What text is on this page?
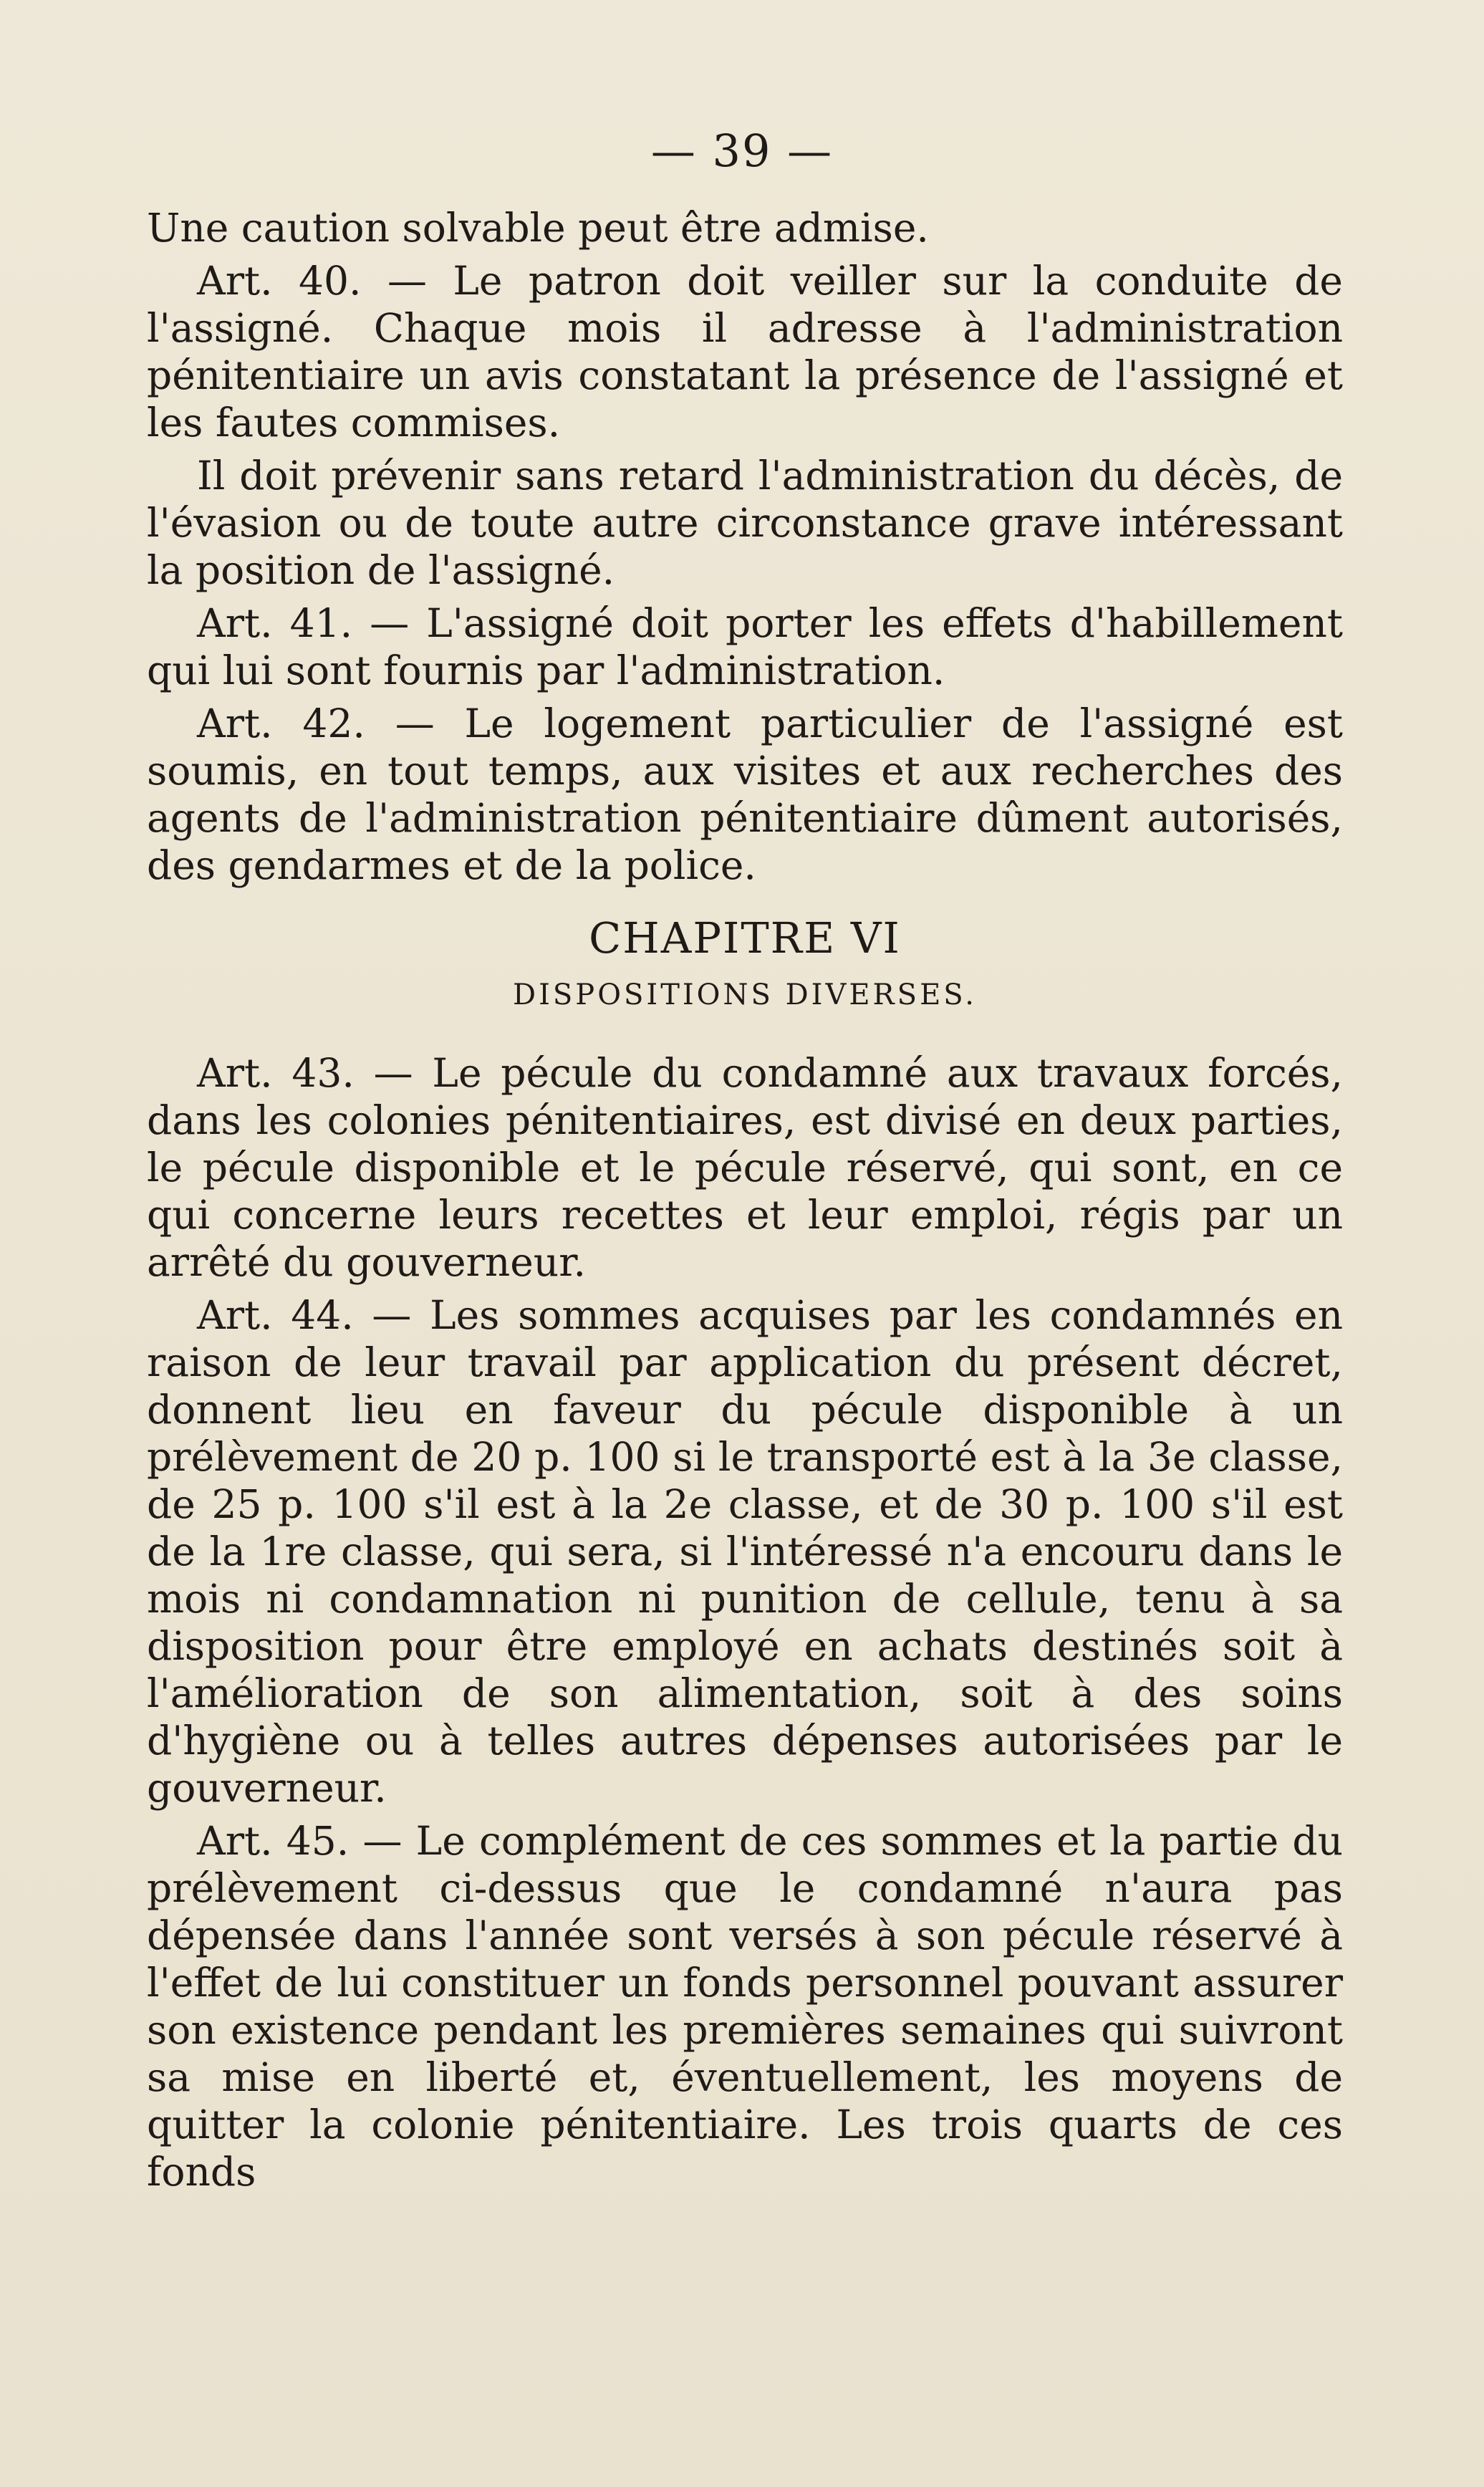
— 39 —

Une caution solvable peut être admise.

Art. 40. — Le patron doit veiller sur la conduite de l'assigné. Chaque mois il adresse à l'administration pénitentiaire un avis constatant la présence de l'assigné et les fautes commises.

Il doit prévenir sans retard l'administration du décès, de l'évasion ou de toute autre circonstance grave intéressant la position de l'assigné.

Art. 41. — L'assigné doit porter les effets d'habillement qui lui sont fournis par l'administration.

Art. 42. — Le logement particulier de l'assigné est soumis, en tout temps, aux visites et aux recherches des agents de l'administration pénitentiaire dûment autorisés, des gendarmes et de la police.

CHAPITRE VI
DISPOSITIONS DIVERSES.

Art. 43. — Le pécule du condamné aux travaux forcés, dans les colonies pénitentiaires, est divisé en deux parties, le pécule disponible et le pécule réservé, qui sont, en ce qui concerne leurs recettes et leur emploi, régis par un arrêté du gouverneur.

Art. 44. — Les sommes acquises par les condamnés en raison de leur travail par application du présent décret, donnent lieu en faveur du pécule disponible à un prélèvement de 20 p. 100 si le transporté est à la 3e classe, de 25 p. 100 s'il est à la 2e classe, et de 30 p. 100 s'il est de la 1re classe, qui sera, si l'intéressé n'a encouru dans le mois ni condamnation ni punition de cellule, tenu à sa disposition pour être employé en achats destinés soit à l'amélioration de son alimentation, soit à des soins d'hygiène ou à telles autres dépenses autorisées par le gouverneur.

Art. 45. — Le complément de ces sommes et la partie du prélèvement ci-dessus que le condamné n'aura pas dépensée dans l'année sont versés à son pécule réservé à l'effet de lui constituer un fonds personnel pouvant assurer son existence pendant les premières semaines qui suivront sa mise en liberté et, éventuellement, les moyens de quitter la colonie pénitentiaire. Les trois quarts de ces fonds
